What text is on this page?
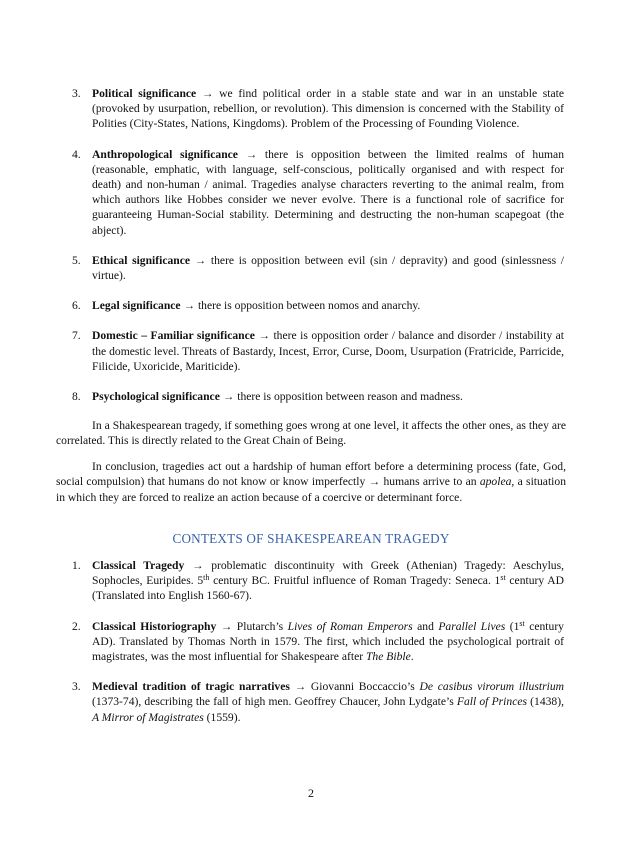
3. Political significance → we find political order in a stable state and war in an unstable state (provoked by usurpation, rebellion, or revolution). This dimension is concerned with the Stability of Polities (City-States, Nations, Kingdoms). Problem of the Processing of Founding Violence.
4. Anthropological significance → there is opposition between the limited realms of human (reasonable, emphatic, with language, self-conscious, politically organised and with respect for death) and non-human / animal. Tragedies analyse characters reverting to the animal realm, from which authors like Hobbes consider we never evolve. There is a functional role of sacrifice for guaranteeing Human-Social stability. Determining and destructing the non-human scapegoat (the abject).
5. Ethical significance → there is opposition between evil (sin / depravity) and good (sinlessness / virtue).
6. Legal significance → there is opposition between nomos and anarchy.
7. Domestic – Familiar significance → there is opposition order / balance and disorder / instability at the domestic level. Threats of Bastardy, Incest, Error, Curse, Doom, Usurpation (Fratricide, Parricide, Filicide, Uxoricide, Mariticide).
8. Psychological significance → there is opposition between reason and madness.

In a Shakespearean tragedy, if something goes wrong at one level, it affects the other ones, as they are correlated. This is directly related to the Great Chain of Being.

In conclusion, tragedies act out a hardship of human effort before a determining process (fate, God, social compulsion) that humans do not know or know imperfectly → humans arrive to an apolea, a situation in which they are forced to realize an action because of a coercive or determinant force.

CONTEXTS OF SHAKESPEAREAN TRAGEDY
1. Classical Tragedy → problematic discontinuity with Greek (Athenian) Tragedy: Aeschylus, Sophocles, Euripides. 5th century BC. Fruitful influence of Roman Tragedy: Seneca. 1st century AD (Translated into English 1560-67).
2. Classical Historiography → Plutarch’s Lives of Roman Emperors and Parallel Lives (1st century AD). Translated by Thomas North in 1579. The first, which included the psychological portrait of magistrates, was the most influential for Shakespeare after The Bible.
3. Medieval tradition of tragic narratives → Giovanni Boccaccio’s De casibus virorum illustrium (1373-74), describing the fall of high men. Geoffrey Chaucer, John Lydgate’s Fall of Princes (1438), A Mirror of Magistrates (1559).
2
